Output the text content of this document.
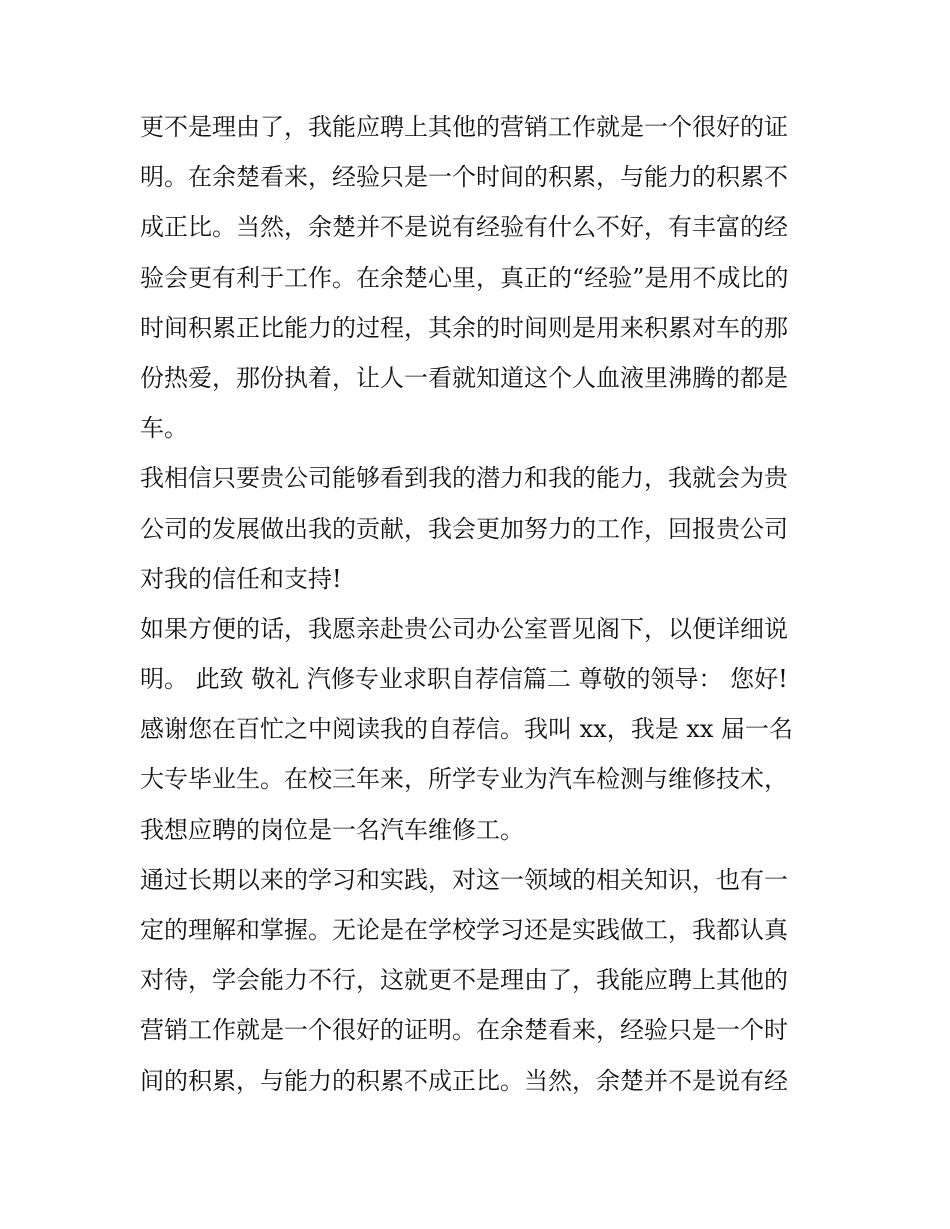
更不是理由了，我能应聘上其他的营销工作就是一个很好的证
明。在余楚看来，经验只是一个时间的积累，与能力的积累不
成正比。当然，余楚并不是说有经验有什么不好，有丰富的经
验会更有利于工作。在余楚心里，真正的“经验”是用不成比的
时间积累正比能力的过程，其余的时间则是用来积累对车的那
份热爱，那份执着，让人一看就知道这个人血液里沸腾的都是
车。
我相信只要贵公司能够看到我的潜力和我的能力，我就会为贵
公司的发展做出我的贡献，我会更加努力的工作，回报贵公司
对我的信任和支持!
如果方便的话，我愿亲赴贵公司办公室晋见阁下，以便详细说
明。 此致 敬礼 汽修专业求职自荐信篇二 尊敬的领导： 您好!
感谢您在百忙之中阅读我的自荐信。我叫 xx，我是 xx 届一名
大专毕业生。在校三年来，所学专业为汽车检测与维修技术，
我想应聘的岗位是一名汽车维修工。
通过长期以来的学习和实践，对这一领域的相关知识，也有一
定的理解和掌握。无论是在学校学习还是实践做工，我都认真
对待，学会能力不行，这就更不是理由了，我能应聘上其他的
营销工作就是一个很好的证明。在余楚看来，经验只是一个时
间的积累，与能力的积累不成正比。当然，余楚并不是说有经
